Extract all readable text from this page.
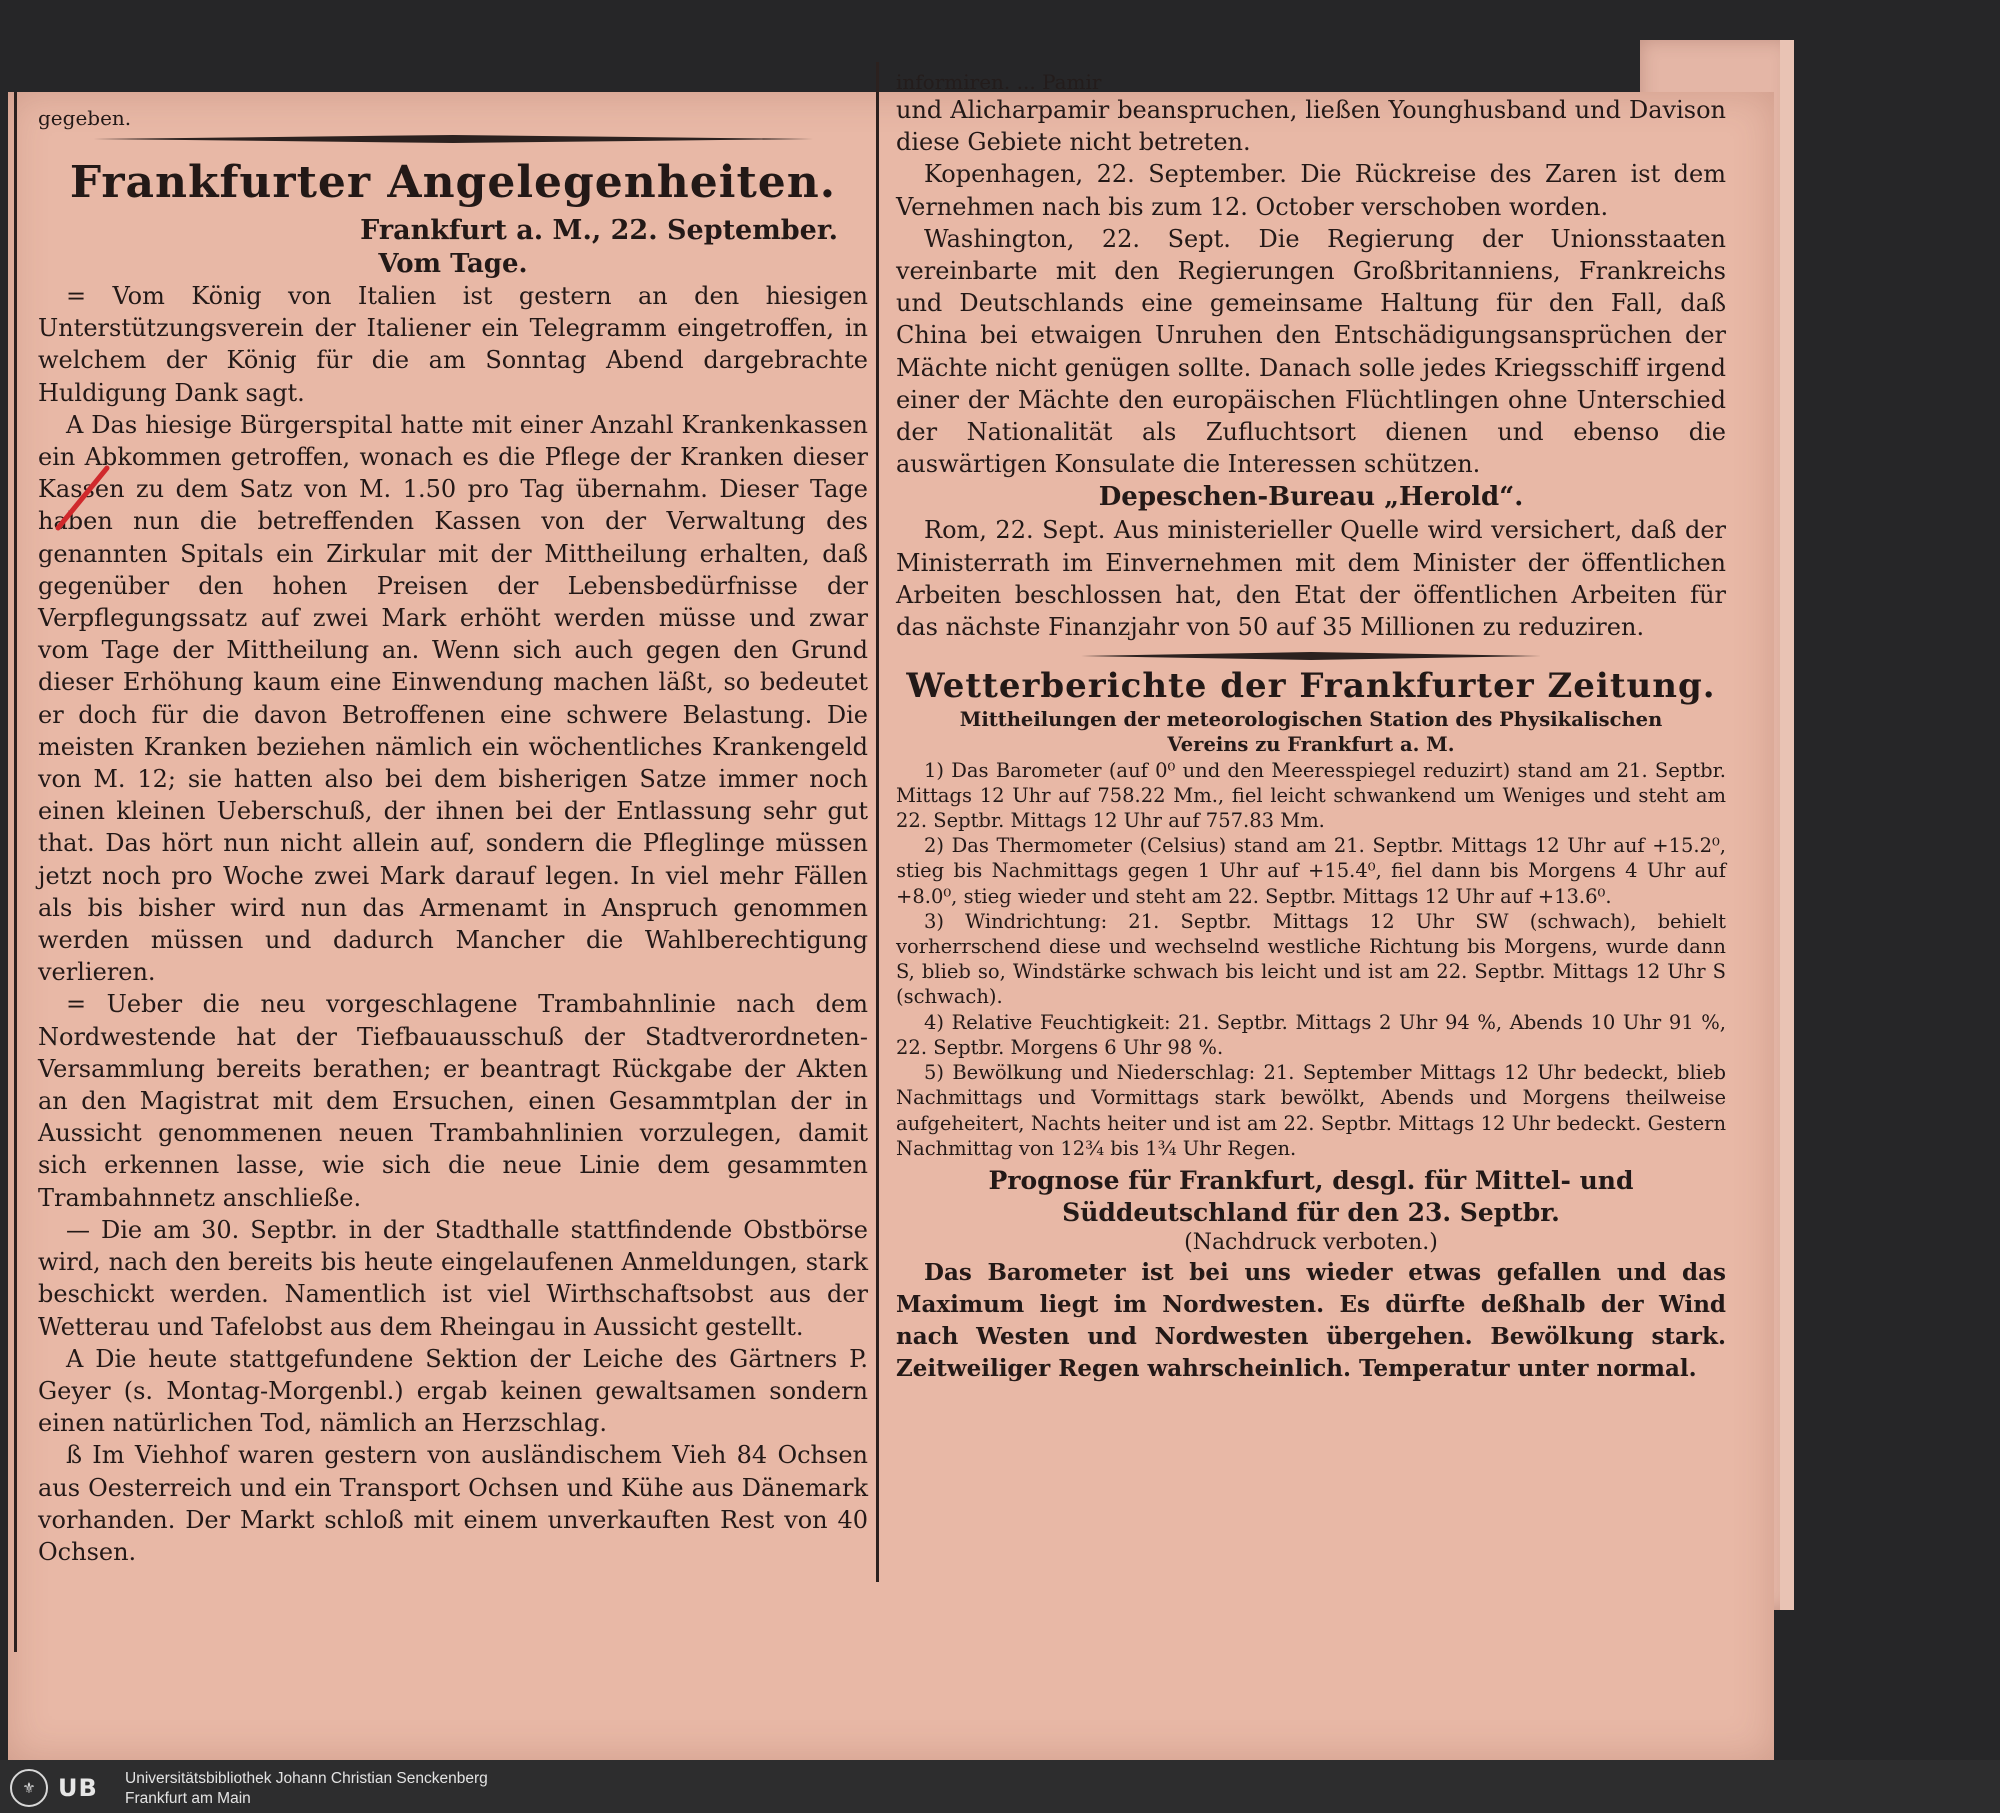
gegeben.

Frankfurter Angelegenheiten.
Frankfurt a. M., 22. September.
Vom Tage.

= Vom König von Italien ist gestern an den hiesigen Unterstützungsverein der Italiener ein Telegramm eingetroffen, in welchem der König für die am Sonntag Abend dargebrachte Huldigung Dank sagt.

A Das hiesige Bürgerspital hatte mit einer Anzahl Krankenkassen ein Abkommen getroffen, wonach es die Pflege der Kranken dieser Kassen zu dem Satz von M. 1.50 pro Tag übernahm. Dieser Tage haben nun die betreffenden Kassen von der Verwaltung des genannten Spitals ein Zirkular mit der Mittheilung erhalten, daß gegenüber den hohen Preisen der Lebensbedürfnisse der Verpflegungssatz auf zwei Mark erhöht werden müsse und zwar vom Tage der Mittheilung an. Wenn sich auch gegen den Grund dieser Erhöhung kaum eine Einwendung machen läßt, so bedeutet er doch für die davon Betroffenen eine schwere Belastung. Die meisten Kranken beziehen nämlich ein wöchentliches Krankengeld von M. 12; sie hatten also bei dem bisherigen Satze immer noch einen kleinen Ueberschuß, der ihnen bei der Entlassung sehr gut that. Das hört nun nicht allein auf, sondern die Pfleglinge müssen jetzt noch pro Woche zwei Mark darauf legen. In viel mehr Fällen als bis bisher wird nun das Armenamt in Anspruch genommen werden müssen und dadurch Mancher die Wahlberechtigung verlieren.

= Ueber die neu vorgeschlagene Trambahnlinie nach dem Nordwestende hat der Tiefbauausschuß der Stadtverordneten-Versammlung bereits berathen; er beantragt Rückgabe der Akten an den Magistrat mit dem Ersuchen, einen Gesammtplan der in Aussicht genommenen neuen Trambahnlinien vorzulegen, damit sich erkennen lasse, wie sich die neue Linie dem gesammten Trambahnnetz anschließe.

— Die am 30. Septbr. in der Stadthalle stattfindende Obstbörse wird, nach den bereits bis heute eingelaufenen Anmeldungen, stark beschickt werden. Namentlich ist viel Wirthschaftsobst aus der Wetterau und Tafelobst aus dem Rheingau in Aussicht gestellt.

A Die heute stattgefundene Sektion der Leiche des Gärtners P. Geyer (s. Montag-Morgenbl.) ergab keinen gewaltsamen sondern einen natürlichen Tod, nämlich an Herzschlag.

ß Im Viehhof waren gestern von ausländischem Vieh 84 Ochsen aus Oesterreich und ein Transport Ochsen und Kühe aus Dänemark vorhanden. Der Markt schloß mit einem unverkauften Rest von 40 Ochsen.

informiren. ... Pamir

und Alicharpamir beanspruchen, ließen Younghusband und Davison diese Gebiete nicht betreten.

Kopenhagen, 22. September. Die Rückreise des Zaren ist dem Vernehmen nach bis zum 12. October verschoben worden.

Washington, 22. Sept. Die Regierung der Unionsstaaten vereinbarte mit den Regierungen Großbritanniens, Frankreichs und Deutschlands eine gemeinsame Haltung für den Fall, daß China bei etwaigen Unruhen den Entschädigungsansprüchen der Mächte nicht genügen sollte. Danach solle jedes Kriegsschiff irgend einer der Mächte den europäischen Flüchtlingen ohne Unterschied der Nationalität als Zufluchtsort dienen und ebenso die auswärtigen Konsulate die Interessen schützen.

Depeschen-Bureau „Herold“.

Rom, 22. Sept. Aus ministerieller Quelle wird versichert, daß der Ministerrath im Einvernehmen mit dem Minister der öffentlichen Arbeiten beschlossen hat, den Etat der öffentlichen Arbeiten für das nächste Finanzjahr von 50 auf 35 Millionen zu reduziren.

Wetterberichte der Frankfurter Zeitung.
Mittheilungen der meteorologischen Station des Physikalischen Vereins zu Frankfurt a. M.

1) Das Barometer (auf 0⁰ und den Meeresspiegel reduzirt) stand am 21. Septbr. Mittags 12 Uhr auf 758.22 Mm., fiel leicht schwankend um Weniges und steht am 22. Septbr. Mittags 12 Uhr auf 757.83 Mm.

2) Das Thermometer (Celsius) stand am 21. Septbr. Mittags 12 Uhr auf +15.2⁰, stieg bis Nachmittags gegen 1 Uhr auf +15.4⁰, fiel dann bis Morgens 4 Uhr auf +8.0⁰, stieg wieder und steht am 22. Septbr. Mittags 12 Uhr auf +13.6⁰.

3) Windrichtung: 21. Septbr. Mittags 12 Uhr SW (schwach), behielt vorherrschend diese und wechselnd westliche Richtung bis Morgens, wurde dann S, blieb so, Windstärke schwach bis leicht und ist am 22. Septbr. Mittags 12 Uhr S (schwach).

4) Relative Feuchtigkeit: 21. Septbr. Mittags 2 Uhr 94 %, Abends 10 Uhr 91 %, 22. Septbr. Morgens 6 Uhr 98 %.

5) Bewölkung und Niederschlag: 21. September Mittags 12 Uhr bedeckt, blieb Nachmittags und Vormittags stark bewölkt, Abends und Morgens theilweise aufgeheitert, Nachts heiter und ist am 22. Septbr. Mittags 12 Uhr bedeckt. Gestern Nachmittag von 12¾ bis 1¾ Uhr Regen.

Prognose für Frankfurt, desgl. für Mittel- und Süddeutschland für den 23. Septbr.
(Nachdruck verboten.)

Das Barometer ist bei uns wieder etwas gefallen und das Maximum liegt im Nordwesten. Es dürfte deßhalb der Wind nach Westen und Nordwesten übergehen. Bewölkung stark. Zeitweiliger Regen wahrscheinlich. Temperatur unter normal.

⚜ UB Universitätsbibliothek Johann Christian Senckenberg
Frankfurt am Main
